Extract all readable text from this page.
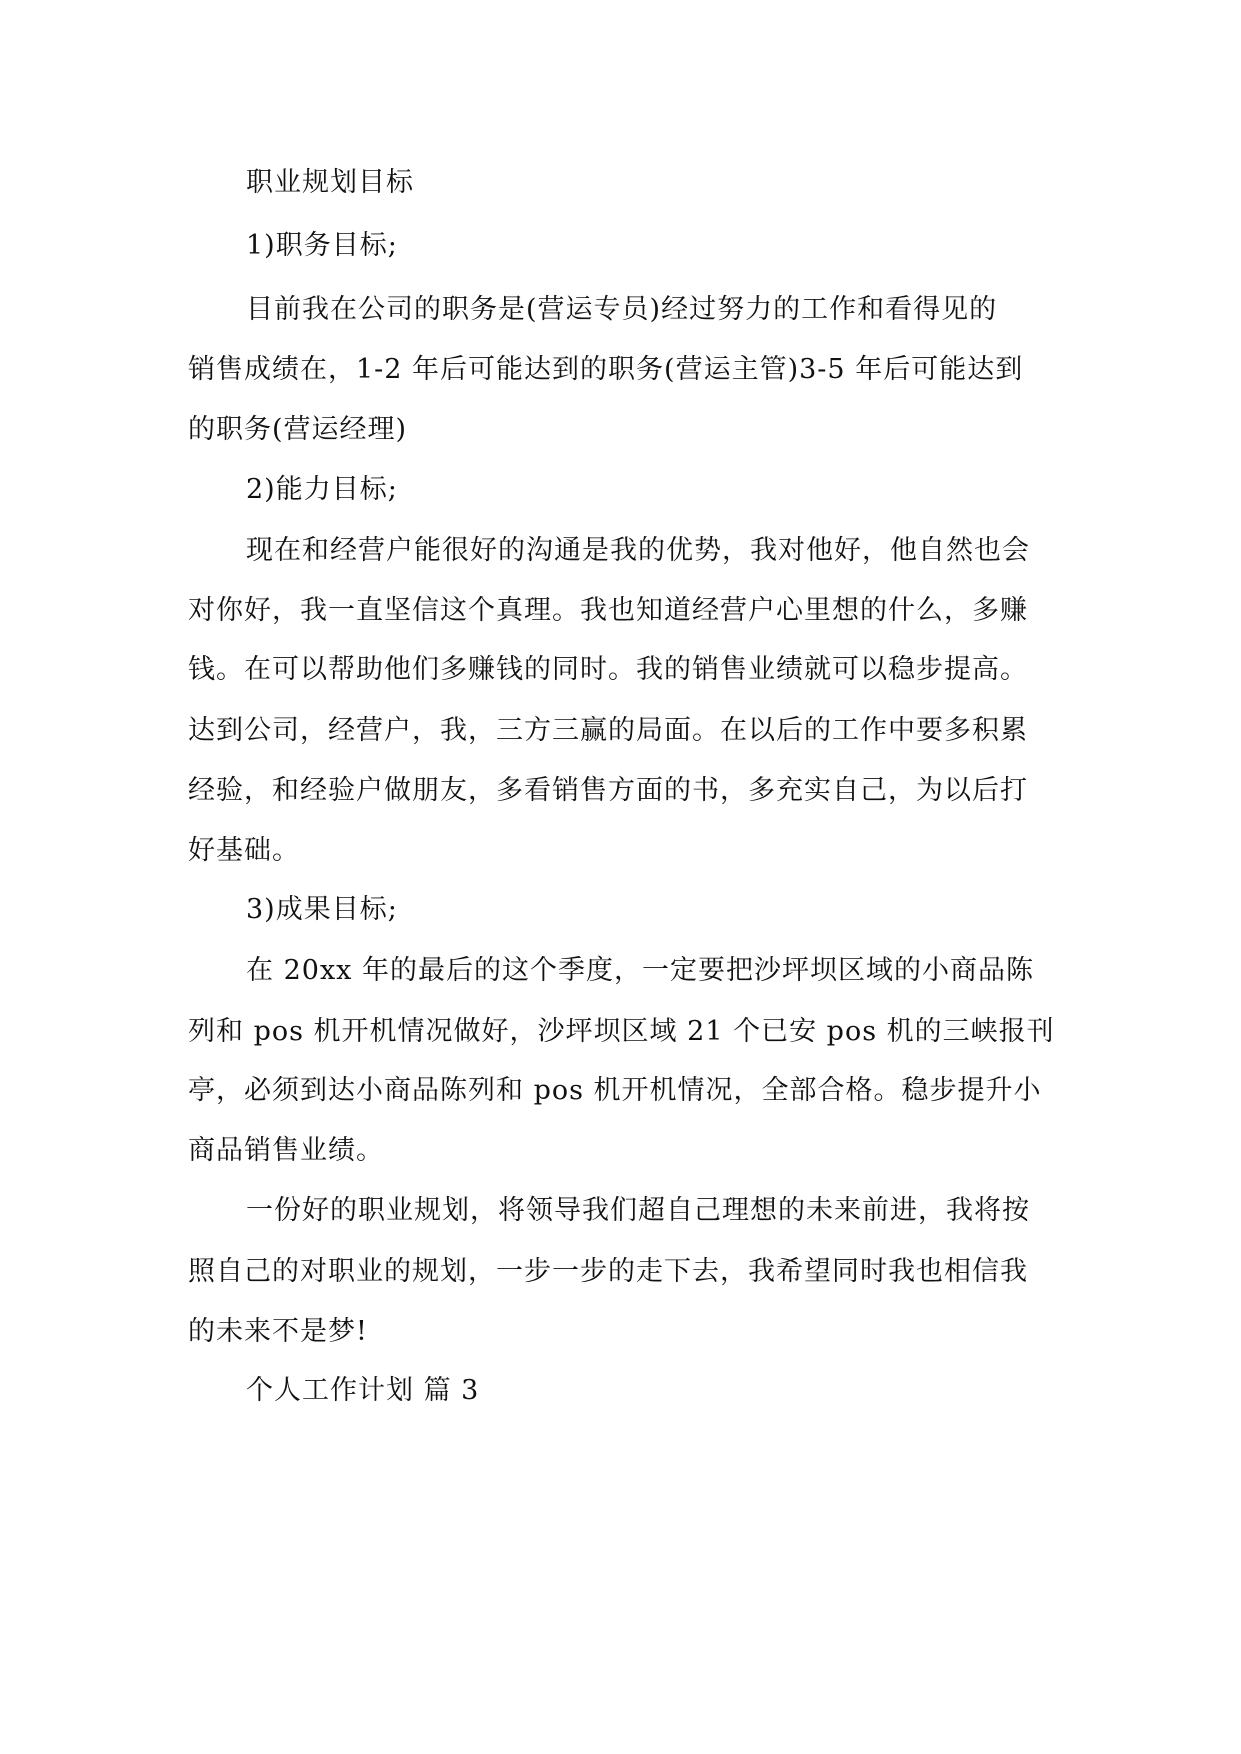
职业规划目标
1)职务目标;
目前我在公司的职务是(营运专员)经过努力的工作和看得见的
销售成绩在，1-2 年后可能达到的职务(营运主管)3-5 年后可能达到
的职务(营运经理)
2)能力目标;
现在和经营户能很好的沟通是我的优势，我对他好，他自然也会
对你好，我一直坚信这个真理。我也知道经营户心里想的什么，多赚
钱。在可以帮助他们多赚钱的同时。我的销售业绩就可以稳步提高。
达到公司，经营户，我，三方三赢的局面。在以后的工作中要多积累
经验，和经验户做朋友，多看销售方面的书，多充实自己，为以后打
好基础。
3)成果目标;
在 20xx 年的最后的这个季度，一定要把沙坪坝区域的小商品陈
列和 pos 机开机情况做好，沙坪坝区域 21 个已安 pos 机的三峡报刊
亭，必须到达小商品陈列和 pos 机开机情况，全部合格。稳步提升小
商品销售业绩。
一份好的职业规划，将领导我们超自己理想的未来前进，我将按
照自己的对职业的规划，一步一步的走下去，我希望同时我也相信我
的未来不是梦!
个人工作计划 篇 3
